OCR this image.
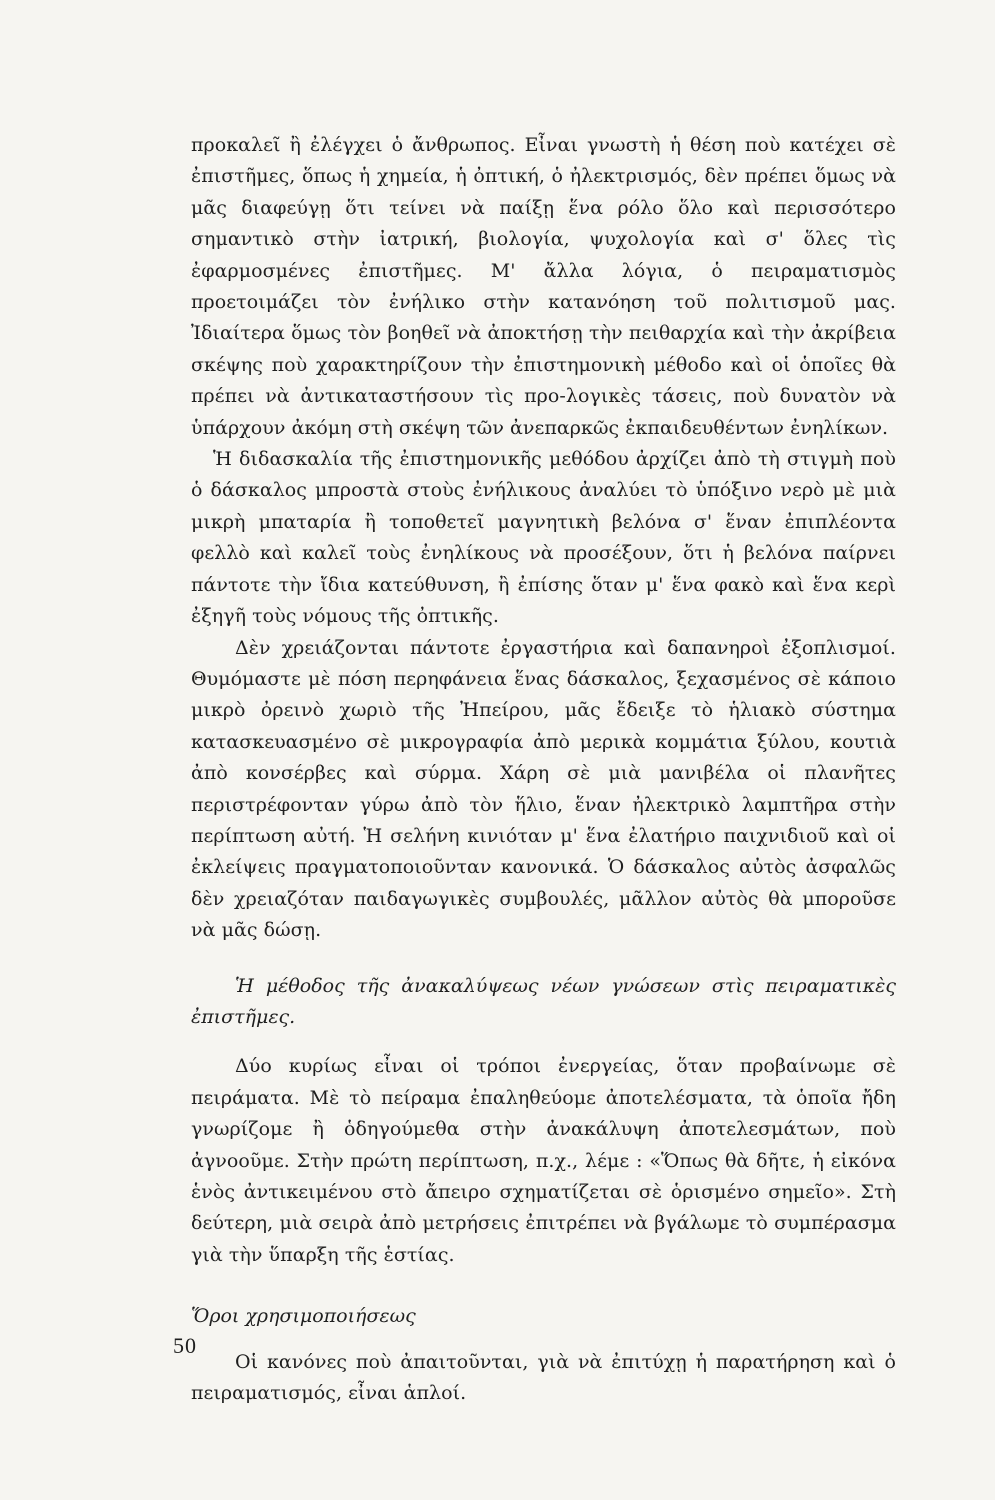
προκαλεῖ ἢ ἐλέγχει ὁ ἄνθρωπος. Εἶναι γνωστὴ ἡ θέση ποὺ κατέχει σὲ ἐπιστῆμες, ὅπως ἡ χημεία, ἡ ὀπτική, ὁ ἠλεκτρισμός, δὲν πρέπει ὅμως νὰ μᾶς διαφεύγῃ ὅτι τείνει νὰ παίξῃ ἕνα ρόλο ὅλο καὶ περισσότερο σημαντικὸ στὴν ἰατρική, βιολογία, ψυχολογία καὶ σ' ὅλες τὶς ἐφαρμοσμένες ἐπιστῆμες. Μ' ἄλλα λόγια, ὁ πειραματισμὸς προετοιμάζει τὸν ἐνήλικο στὴν κατανόηση τοῦ πολιτισμοῦ μας. Ἰδιαίτερα ὅμως τὸν βοηθεῖ νὰ ἀποκτήσῃ τὴν πειθαρχία καὶ τὴν ἀκρίβεια σκέψης ποὺ χαρακτηρίζουν τὴν ἐπιστημονικὴ μέθοδο καὶ οἱ ὁποῖες θὰ πρέπει νὰ ἀντικαταστήσουν τὶς προ-λογικὲς τάσεις, ποὺ δυνατὸν νὰ ὑπάρχουν ἀκόμη στὴ σκέψη τῶν ἀνεπαρκῶς ἐκπαιδευθέντων ἐνηλίκων.

Ἡ διδασκαλία τῆς ἐπιστημονικῆς μεθόδου ἀρχίζει ἀπὸ τὴ στιγμὴ ποὺ ὁ δάσκαλος μπροστὰ στοὺς ἐνήλικους ἀναλύει τὸ ὑπόξινο νερὸ μὲ μιὰ μικρὴ μπαταρία ἢ τοποθετεῖ μαγνητικὴ βελόνα σ' ἕναν ἐπιπλέοντα φελλὸ καὶ καλεῖ τοὺς ἐνηλίκους νὰ προσέξουν, ὅτι ἡ βελόνα παίρνει πάντοτε τὴν ἴδια κατεύθυνση, ἢ ἐπίσης ὅταν μ' ἕνα φακὸ καὶ ἕνα κερὶ ἐξηγῆ τοὺς νόμους τῆς ὀπτικῆς.

Δὲν χρειάζονται πάντοτε ἐργαστήρια καὶ δαπανηροὶ ἐξοπλισμοί. Θυμόμαστε μὲ πόση περηφάνεια ἕνας δάσκαλος, ξεχασμένος σὲ κάποιο μικρὸ ὀρεινὸ χωριὸ τῆς Ἠπείρου, μᾶς ἔδειξε τὸ ἡλιακὸ σύστημα κατασκευασμένο σὲ μικρογραφία ἀπὸ μερικὰ κομμάτια ξύλου, κουτιὰ ἀπὸ κονσέρβες καὶ σύρμα. Χάρη σὲ μιὰ μανιβέλα οἱ πλανῆτες περιστρέφονταν γύρω ἀπὸ τὸν ἥλιο, ἕναν ἠλεκτρικὸ λαμπτῆρα στὴν περίπτωση αὐτή. Ἡ σελήνη κινιόταν μ' ἕνα ἐλατήριο παιχνιδιοῦ καὶ οἱ ἐκλείψεις πραγματοποιοῦνταν κανονικά. Ὁ δάσκαλος αὐτὸς ἀσφαλῶς δὲν χρειαζόταν παιδαγωγικὲς συμβουλές, μᾶλλον αὐτὸς θὰ μποροῦσε νὰ μᾶς δώσῃ.

Ἡ μέθοδος τῆς ἀνακαλύψεως νέων γνώσεων στὶς πειραματικὲς ἐπιστῆμες.

Δύο κυρίως εἶναι οἱ τρόποι ἐνεργείας, ὅταν προβαίνωμε σὲ πειράματα. Μὲ τὸ πείραμα ἐπαληθεύομε ἀποτελέσματα, τὰ ὁποῖα ἤδη γνωρίζομε ἢ ὁδηγούμεθα στὴν ἀνακάλυψη ἀποτελεσμάτων, ποὺ ἀγνοοῦμε. Στὴν πρώτη περίπτωση, π.χ., λέμε : «Ὅπως θὰ δῆτε, ἡ εἰκόνα ἑνὸς ἀντικειμένου στὸ ἄπειρο σχηματίζεται σὲ ὁρισμένο σημεῖο». Στὴ δεύτερη, μιὰ σειρὰ ἀπὸ μετρήσεις ἐπιτρέπει νὰ βγάλωμε τὸ συμπέρασμα γιὰ τὴν ὕπαρξη τῆς ἑστίας.

Ὅροι χρησιμοποιήσεως

Οἱ κανόνες ποὺ ἀπαιτοῦνται, γιὰ νὰ ἐπιτύχῃ ἡ παρατήρηση καὶ ὁ πειραματισμός, εἶναι ἁπλοί.

50
